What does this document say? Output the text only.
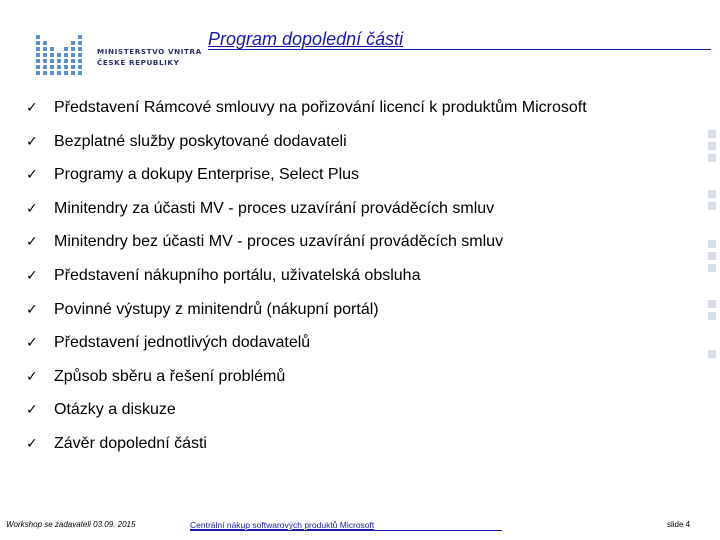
MINISTERSTVO VNITRA
ČESKÉ REPUBLIKY
Program dopolední části
✓	Představení Rámcové smlouvy na pořizování licencí k produktům Microsoft
✓	Bezplatné služby poskytované dodavateli
✓	Programy a dokupy Enterprise, Select Plus
✓	Minitendry za účasti MV - proces uzavírání prováděcích smluv
✓	Minitendry bez účasti MV - proces uzavírání prováděcích smluv
✓	Představení nákupního portálu, uživatelská obsluha
✓	Povinné výstupy z minitendrů (nákupní portál)
✓	Představení jednotlivých dodavatelů
✓	Způsob sběru a řešení problémů
✓	Otázky a diskuze
✓	Závěr dopolední části
Workshop se zadavateli 03.09. 2015	Centrální nákup softwarových produktů Microsoft	slide 4
